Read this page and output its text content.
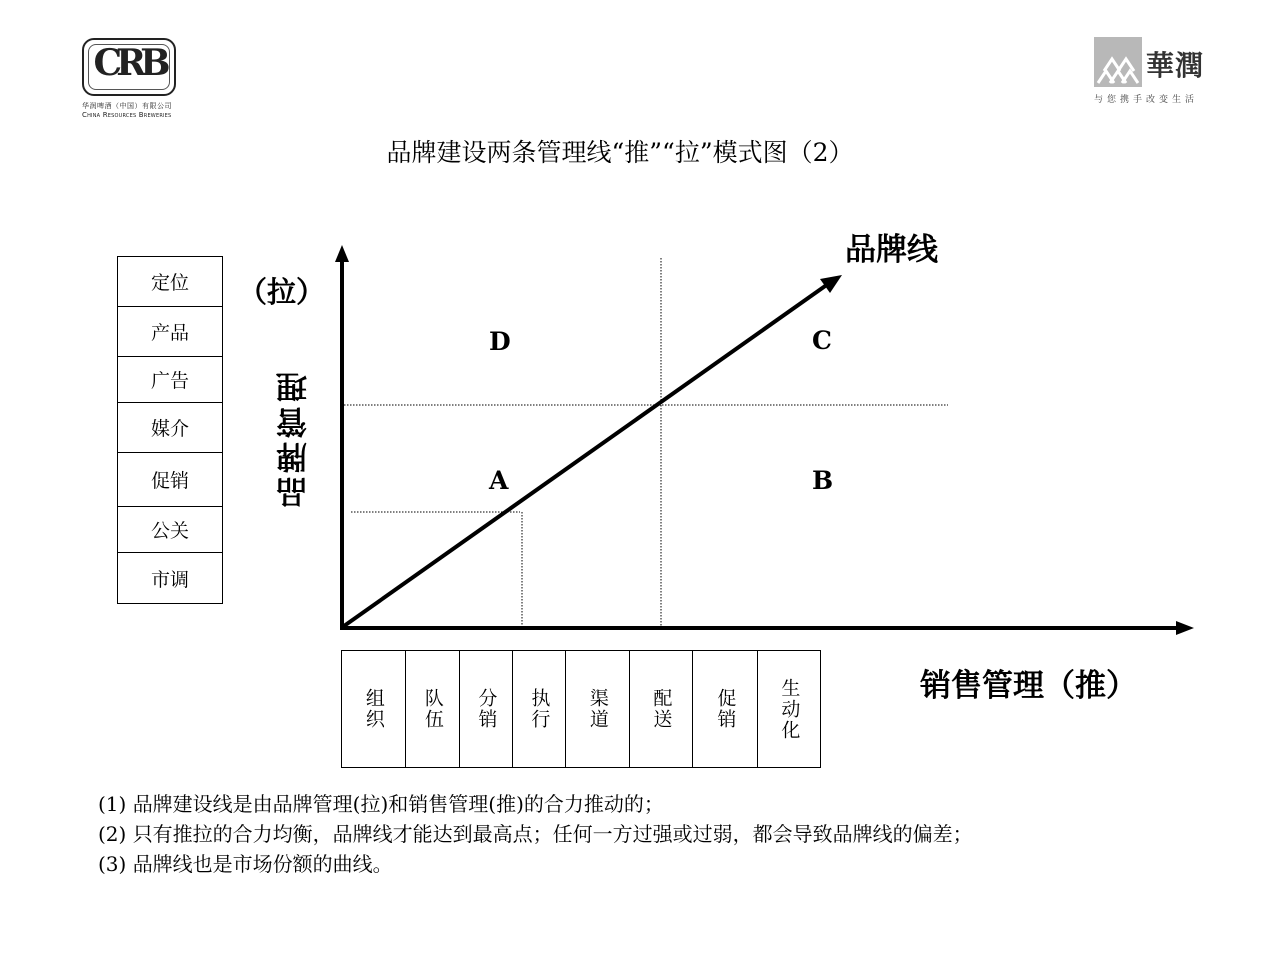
CRB
华润啤酒（中国）有限公司
China Resources Breweries
華潤
与您携手改变生活
品牌建设两条管理线“推”“拉”模式图（2）
定位
产品
广告
媒介
促销
公关
市调
（拉）
品牌管理
销售管理（推）
品牌线
D	C
A	B
组织	队伍	分销	执行	渠道	配送	促销	生动化
(1) 品牌建设线是由品牌管理(拉)和销售管理(推)的合力推动的；
(2) 只有推拉的合力均衡，品牌线才能达到最高点；任何一方过强或过弱，都会导致品牌线的偏差；
(3) 品牌线也是市场份额的曲线。
